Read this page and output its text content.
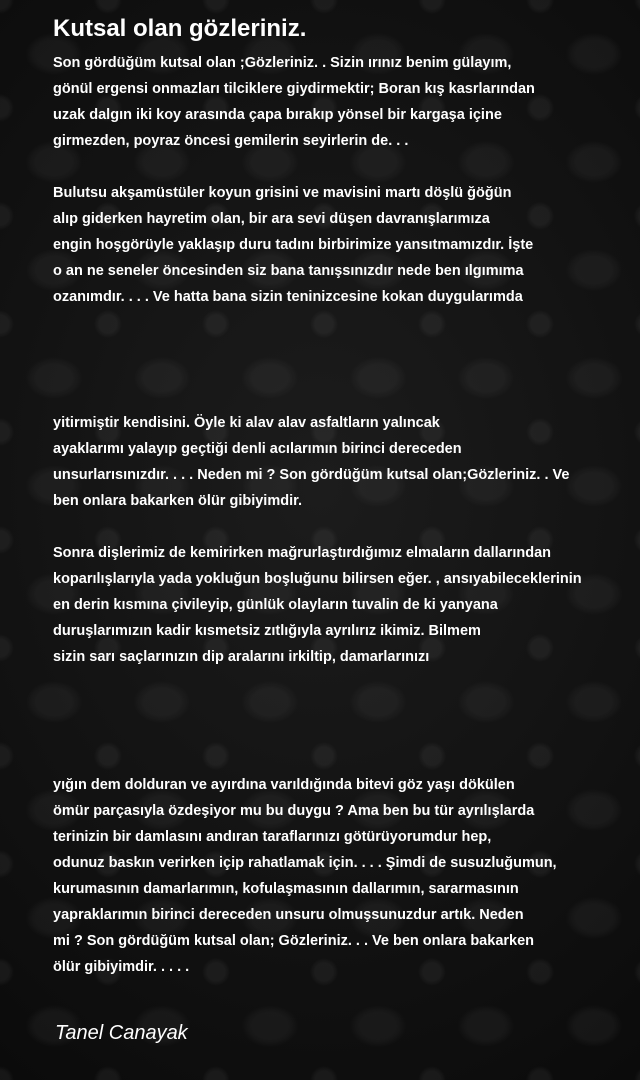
Kutsal olan gözleriniz.
Son gördüğüm kutsal olan ;Gözleriniz. . Sizin ırınız benim gülayım,
gönül ergensi onmazları tilciklere giydirmektir; Boran kış kasrlarından
uzak dalgın iki koy arasında çapa bırakıp yönsel bir kargaşa içine
girmezden, poyraz öncesi gemilerin seyirlerin de. . .
Bulutsu akşamüstüler koyun grisini ve mavisini martı döşlü ğöğün
alıp giderken hayretim olan, bir ara sevi düşen davranışlarımıza
engin hoşgörüyle yaklaşıp duru tadını birbirimize yansıtmamızdır. İşte
o an ne seneler öncesinden siz bana tanışsınızdır nede ben ılgımıma
ozanımdır. . . . Ve hatta bana sizin teninizcesine kokan duygularımda
yitirmiştir kendisini. Öyle ki alav alav asfaltların yalıncak
ayaklarımı yalayıp geçtiği denli acılarımın birinci dereceden
unsurlarısınızdır. . . . Neden mi ? Son gördüğüm kutsal olan;Gözleriniz. . Ve
ben onlara bakarken ölür gibiyimdir.
Sonra dişlerimiz de kemirirken mağrurlaştırdığımız elmaların dallarından
koparılışlarıyla yada yokluğun boşluğunu bilirsen eğer. , ansıyabileceklerinin
en derin kısmına çivileyip, günlük olayların tuvalin de ki yanyana
duruşlarımızın kadir kısmetsiz zıtlığıyla ayrılırız ikimiz. Bilmem
sizin sarı saçlarınızın dip aralarını irkiltip, damarlarınızı
yığın dem dolduran ve ayırdına varıldığında bitevi göz yaşı dökülen
ömür parçasıyla özdeşiyor mu bu duygu ? Ama ben bu tür ayrılışlarda
terinizin bir damlasını andıran taraflarınızı götürüyorumdur hep,
odunuz baskın verirken içip rahatlamak için. . . . Şimdi de susuzluğumun,
kurumasının damarlarımın, kofulaşmasının dallarımın, sararmasının
yapraklarımın birinci dereceden unsuru olmuşsunuzdur artık. Neden
mi ? Son gördüğüm kutsal olan; Gözleriniz. . . Ve ben onlara bakarken
ölür gibiyimdir. . . . .

Tanel Canayak
